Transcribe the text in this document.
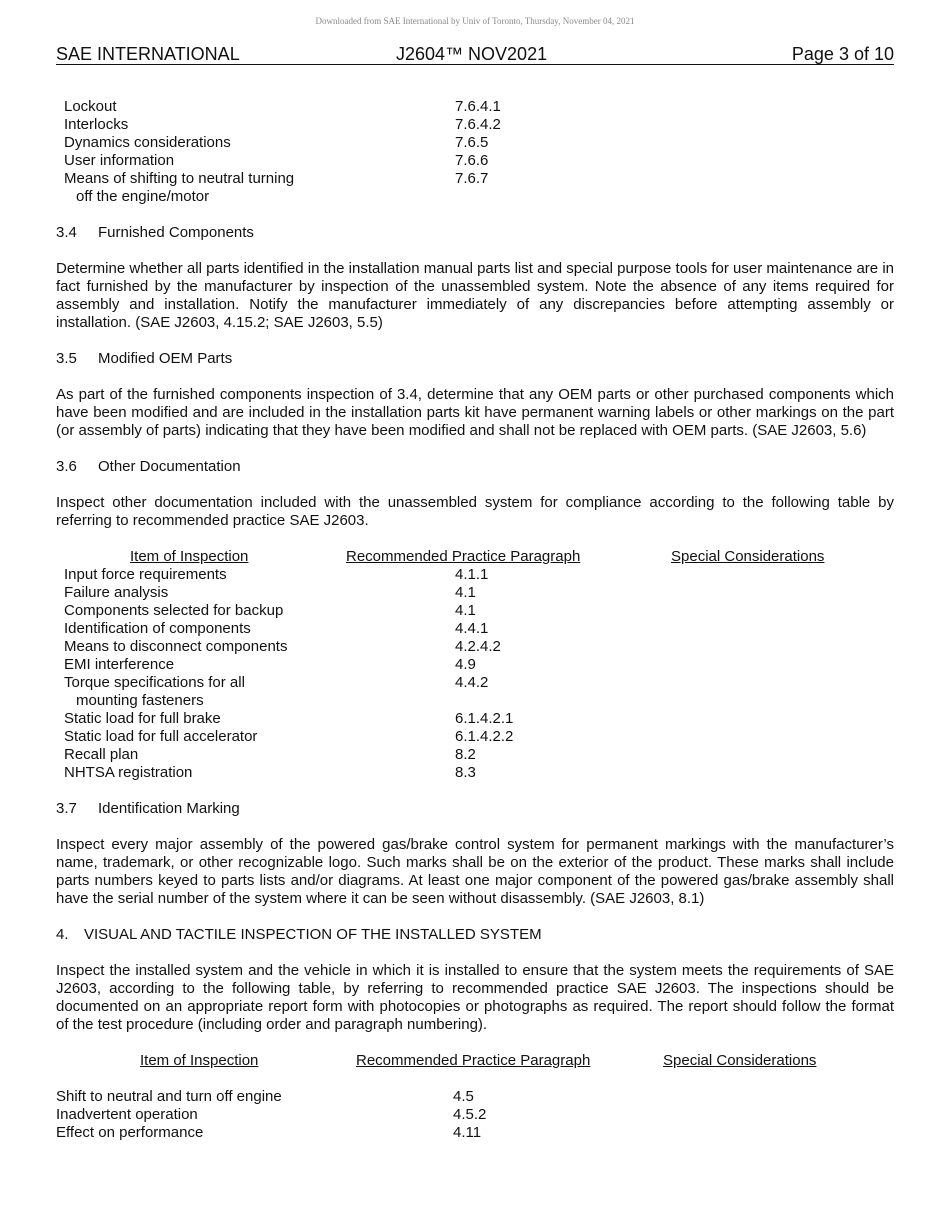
Downloaded from SAE International by Univ of Toronto, Thursday, November 04, 2021
SAE INTERNATIONAL	J2604™ NOV2021	Page 3 of 10
Lockout	7.6.4.1
Interlocks	7.6.4.2
Dynamics considerations	7.6.5
User information	7.6.6
Means of shifting to neutral turning	7.6.7
off the engine/motor
3.4 Furnished Components
Determine whether all parts identified in the installation manual parts list and special purpose tools for user maintenance are in fact furnished by the manufacturer by inspection of the unassembled system. Note the absence of any items required for assembly and installation. Notify the manufacturer immediately of any discrepancies before attempting assembly or installation. (SAE J2603, 4.15.2; SAE J2603, 5.5)
3.5 Modified OEM Parts
As part of the furnished components inspection of 3.4, determine that any OEM parts or other purchased components which have been modified and are included in the installation parts kit have permanent warning labels or other markings on the part (or assembly of parts) indicating that they have been modified and shall not be replaced with OEM parts. (SAE J2603, 5.6)
3.6 Other Documentation
Inspect other documentation included with the unassembled system for compliance according to the following table by referring to recommended practice SAE J2603.
Item of Inspection	Recommended Practice Paragraph	Special Considerations
Input force requirements	4.1.1
Failure analysis	4.1
Components selected for backup	4.1
Identification of components	4.4.1
Means to disconnect components	4.2.4.2
EMI interference	4.9
Torque specifications for all	4.4.2
mounting fasteners
Static load for full brake	6.1.4.2.1
Static load for full accelerator	6.1.4.2.2
Recall plan	8.2
NHTSA registration	8.3
3.7 Identification Marking
Inspect every major assembly of the powered gas/brake control system for permanent markings with the manufacturer’s name, trademark, or other recognizable logo. Such marks shall be on the exterior of the product. These marks shall include parts numbers keyed to parts lists and/or diagrams. At least one major component of the powered gas/brake assembly shall have the serial number of the system where it can be seen without disassembly. (SAE J2603, 8.1)
4. VISUAL AND TACTILE INSPECTION OF THE INSTALLED SYSTEM
Inspect the installed system and the vehicle in which it is installed to ensure that the system meets the requirements of SAE J2603, according to the following table, by referring to recommended practice SAE J2603. The inspections should be documented on an appropriate report form with photocopies or photographs as required. The report should follow the format of the test procedure (including order and paragraph numbering).
Item of Inspection	Recommended Practice Paragraph	Special Considerations
Shift to neutral and turn off engine	4.5
Inadvertent operation	4.5.2
Effect on performance	4.11
